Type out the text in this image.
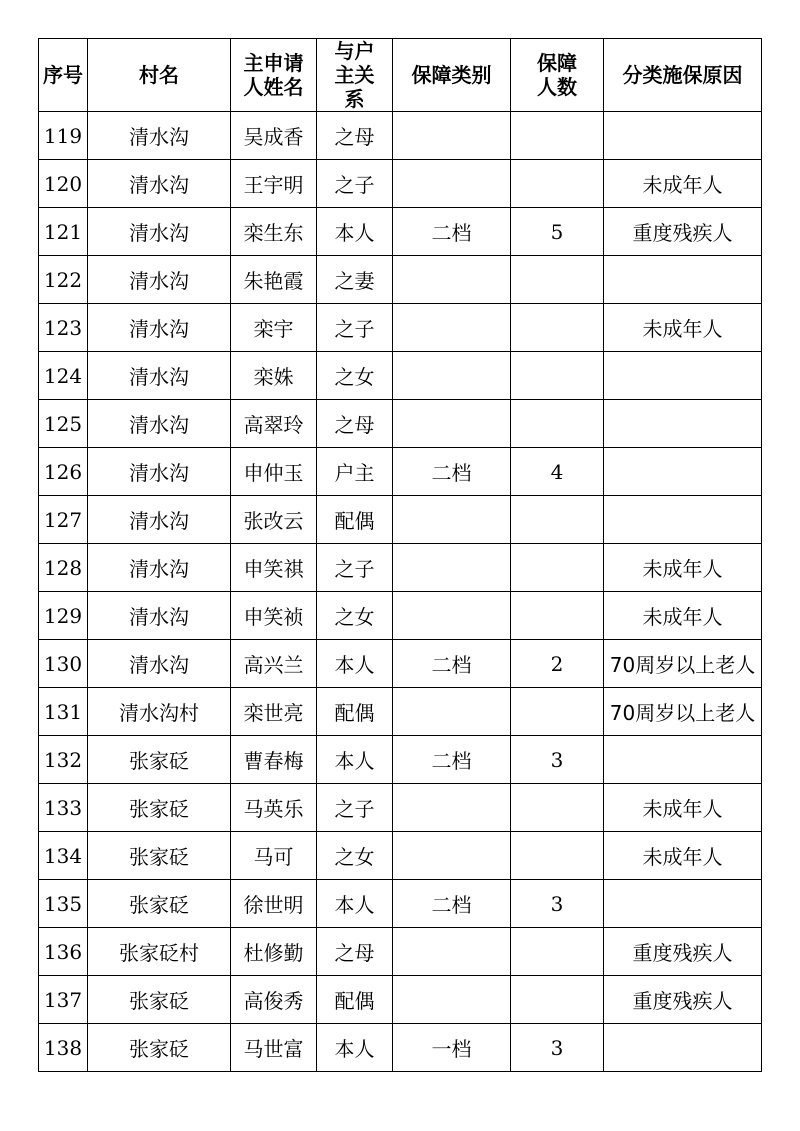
序号	村名	主申请人姓名	与户主关系	保障类别	保障人数	分类施保原因
119	清水沟	吴成香	之母			
120	清水沟	王宇明	之子			未成年人
121	清水沟	栾生东	本人	二档	5	重度残疾人
122	清水沟	朱艳霞	之妻			
123	清水沟	栾宇	之子			未成年人
124	清水沟	栾姝	之女			
125	清水沟	高翠玲	之母			
126	清水沟	申仲玉	户主	二档	4	
127	清水沟	张改云	配偶			
128	清水沟	申笑祺	之子			未成年人
129	清水沟	申笑祯	之女			未成年人
130	清水沟	高兴兰	本人	二档	2	70周岁以上老人
131	清水沟村	栾世亮	配偶			70周岁以上老人
132	张家砭	曹春梅	本人	二档	3	
133	张家砭	马英乐	之子			未成年人
134	张家砭	马可	之女			未成年人
135	张家砭	徐世明	本人	二档	3	
136	张家砭村	杜修勤	之母			重度残疾人
137	张家砭	高俊秀	配偶			重度残疾人
138	张家砭	马世富	本人	一档	3	
